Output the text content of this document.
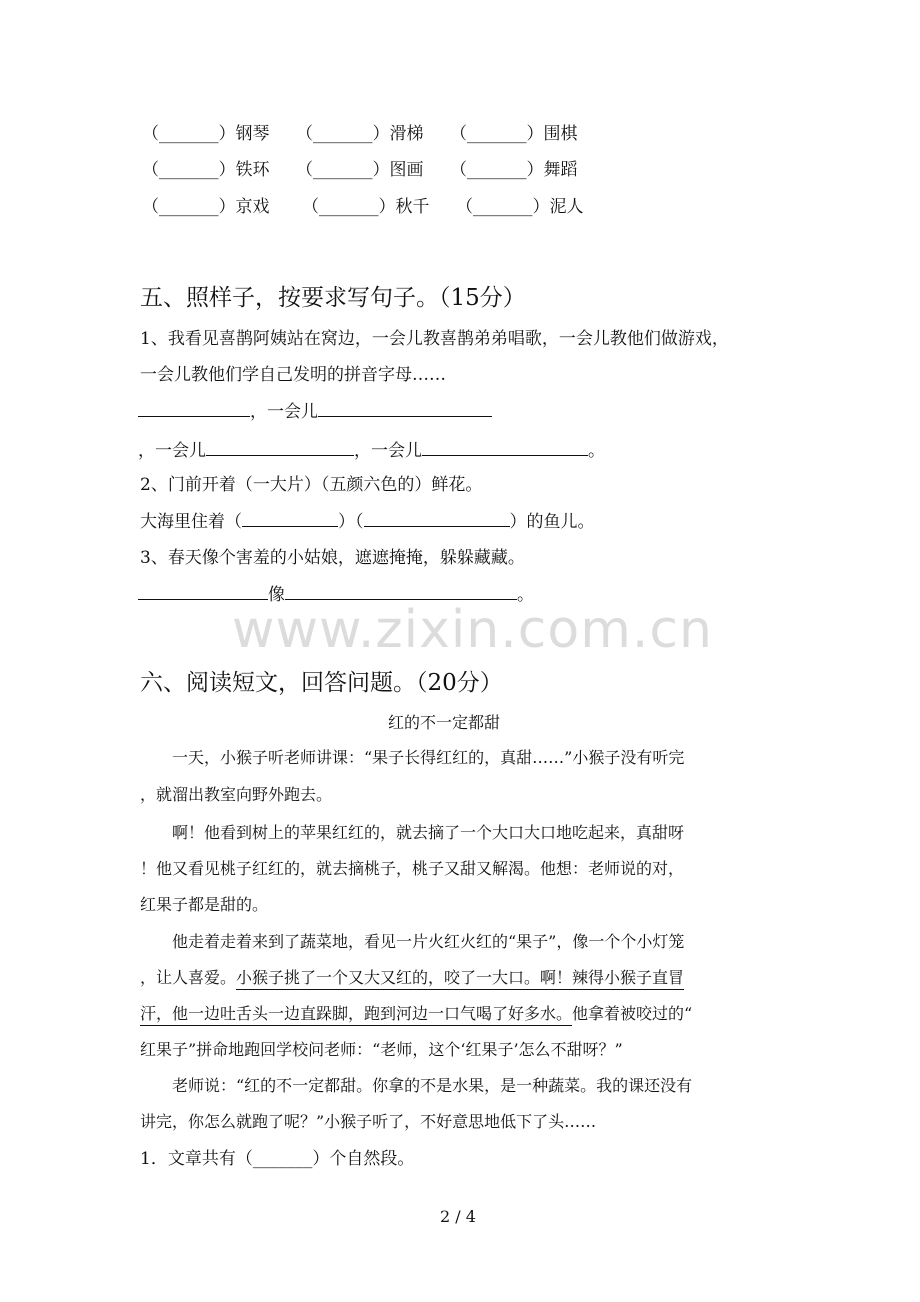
（_______）钢琴 （_______）滑梯 （_______）围棋
（_______）铁环 （_______）图画 （_______）舞蹈
（_______）京戏 （_______）秋千 （_______）泥人
五、照样子，按要求写句子。（15分）
1、我看见喜鹊阿姨站在窝边，一会儿教喜鹊弟弟唱歌，一会儿教他们做游戏，
一会儿教他们学自己发明的拼音字母……
，一会儿
，一会儿	，一会儿	。
2、门前开着（一大片）（五颜六色的）鲜花。
大海里住着（	）（	）的鱼儿。
3、春天像个害羞的小姑娘，遮遮掩掩，躲躲藏藏。
像	。
www.zixin.com.cn
六、阅读短文，回答问题。（20分）
红的不一定都甜
一天，小猴子听老师讲课：“果子长得红红的，真甜……”小猴子没有听完
，就溜出教室向野外跑去。
啊！他看到树上的苹果红红的，就去摘了一个大口大口地吃起来，真甜呀
！他又看见桃子红红的，就去摘桃子，桃子又甜又解渴。他想：老师说的对，
红果子都是甜的。
他走着走着来到了蔬菜地，看见一片火红火红的“果子”，像一个个小灯笼
，让人喜爱。小猴子挑了一个又大又红的，咬了一大口。啊！辣得小猴子直冒
汗，他一边吐舌头一边直跺脚，跑到河边一口气喝了好多水。他拿着被咬过的“
红果子”拼命地跑回学校问老师：“老师，这个‘红果子’怎么不甜呀？”
老师说：“红的不一定都甜。你拿的不是水果，是一种蔬菜。我的课还没有
讲完，你怎么就跑了呢？”小猴子听了，不好意思地低下了头……
1．文章共有（_______）个自然段。
2 / 4
